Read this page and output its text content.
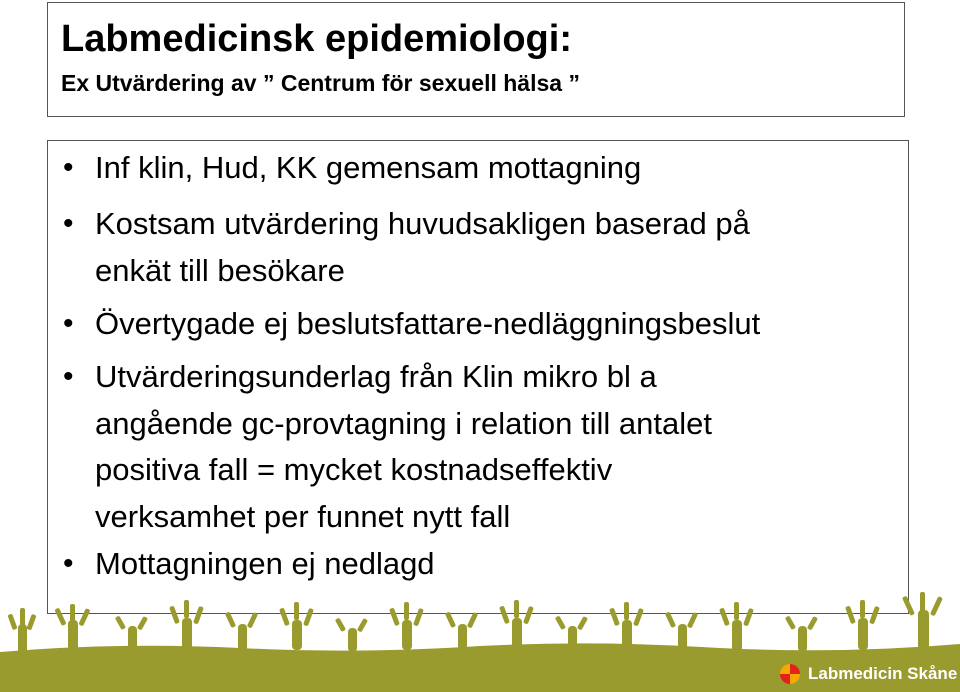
Labmedicinsk epidemiologi:
Ex Utvärdering av ” Centrum för sexuell hälsa ”
• Inf klin, Hud, KK gemensam mottagning
• Kostsam utvärdering huvudsakligen baserad på
enkät till besökare
• Övertygade ej beslutsfattare-nedläggningsbeslut
• Utvärderingsunderlag från Klin mikro bl a
angående gc-provtagning i relation till antalet
positiva fall = mycket kostnadseffektiv
verksamhet per funnet nytt fall
• Mottagningen ej nedlagd
Labmedicin Skåne
